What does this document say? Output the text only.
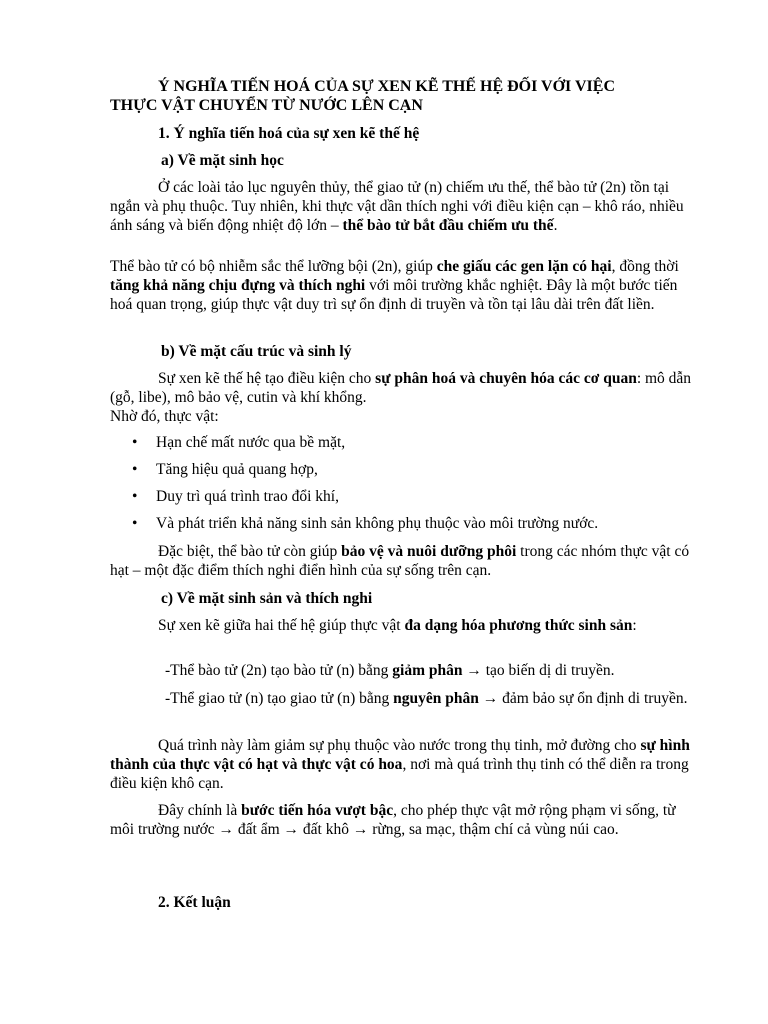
Ý NGHĨA TIẾN HOÁ CỦA SỰ XEN KẼ THẾ HỆ ĐỐI VỚI VIỆC
THỰC VẬT CHUYỂN TỪ NƯỚC LÊN CẠN

1. Ý nghĩa tiến hoá của sự xen kẽ thế hệ

a) Về mặt sinh học

Ở các loài tảo lục nguyên thủy, thể giao tử (n) chiếm ưu thế, thể bào tử (2n) tồn tại ngắn và phụ thuộc. Tuy nhiên, khi thực vật dần thích nghi với điều kiện cạn – khô ráo, nhiều ánh sáng và biến động nhiệt độ lớn – thể bào tử bắt đầu chiếm ưu thế.

Thể bào tử có bộ nhiễm sắc thể lưỡng bội (2n), giúp che giấu các gen lặn có hại, đồng thời tăng khả năng chịu đựng và thích nghi với môi trường khắc nghiệt. Đây là một bước tiến hoá quan trọng, giúp thực vật duy trì sự ổn định di truyền và tồn tại lâu dài trên đất liền.

b) Về mặt cấu trúc và sinh lý

Sự xen kẽ thế hệ tạo điều kiện cho sự phân hoá và chuyên hóa các cơ quan: mô dẫn (gỗ, libe), mô bảo vệ, cutin và khí khổng.

Nhờ đó, thực vật:

• Hạn chế mất nước qua bề mặt,
• Tăng hiệu quả quang hợp,
• Duy trì quá trình trao đổi khí,
• Và phát triển khả năng sinh sản không phụ thuộc vào môi trường nước.

Đặc biệt, thể bào tử còn giúp bảo vệ và nuôi dưỡng phôi trong các nhóm thực vật có hạt – một đặc điểm thích nghi điển hình của sự sống trên cạn.

c) Về mặt sinh sản và thích nghi

Sự xen kẽ giữa hai thế hệ giúp thực vật đa dạng hóa phương thức sinh sản:

-Thể bào tử (2n) tạo bào tử (n) bằng giảm phân → tạo biến dị di truyền.

-Thể giao tử (n) tạo giao tử (n) bằng nguyên phân → đảm bảo sự ổn định di truyền.

Quá trình này làm giảm sự phụ thuộc vào nước trong thụ tinh, mở đường cho sự hình thành của thực vật có hạt và thực vật có hoa, nơi mà quá trình thụ tinh có thể diễn ra trong điều kiện khô cạn.

Đây chính là bước tiến hóa vượt bậc, cho phép thực vật mở rộng phạm vi sống, từ môi trường nước → đất ẩm → đất khô → rừng, sa mạc, thậm chí cả vùng núi cao.

2. Kết luận
